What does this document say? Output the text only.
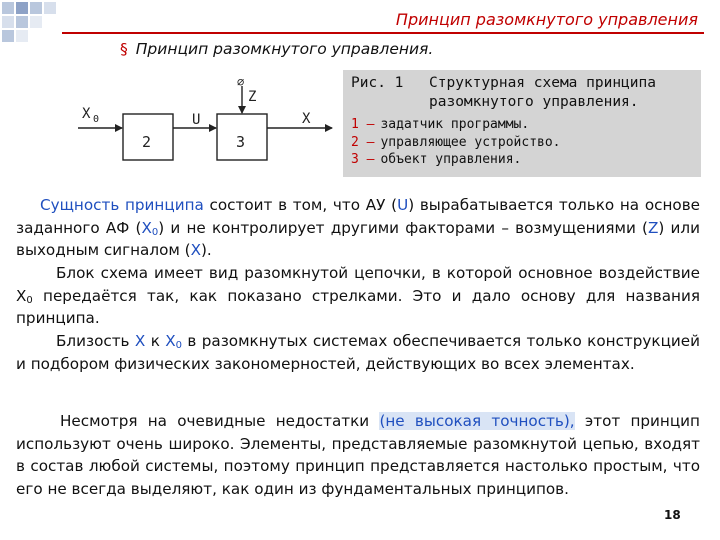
Принцип разомкнутого управления
§ Принцип разомкнутого управления.
X 0
2
U
3
⌀
Z
X
Рис. 1	Структурная схема принципа
разомкнутого управления.
1 – задатчик программы.
2 – управляющее устройство.
3 – объект управления.

Сущность принципа состоит в том, что АУ (U) вырабатывается только на основе заданного АФ $(X_0)$ и не контролирует другими факторами – возмущениями (Z) или выходным сигналом (X).

Блок схема имеет вид разомкнутой цепочки, в которой основное воздействие $X_0$ передаётся так, как показано стрелками. Это и дало основу для названия принципа.

Близость X к $X_0$ в разомкнутых системах обеспечивается только конструкцией и подбором физических закономерностей, действующих во всех элементах.

Несмотря на очевидные недостатки (не высокая точность), этот принцип используют очень широко. Элементы, представляемые разомкнутой цепью, входят в состав любой системы, поэтому принцип представляется настолько простым, что его не всегда выделяют, как один из фундаментальных принципов.

18
